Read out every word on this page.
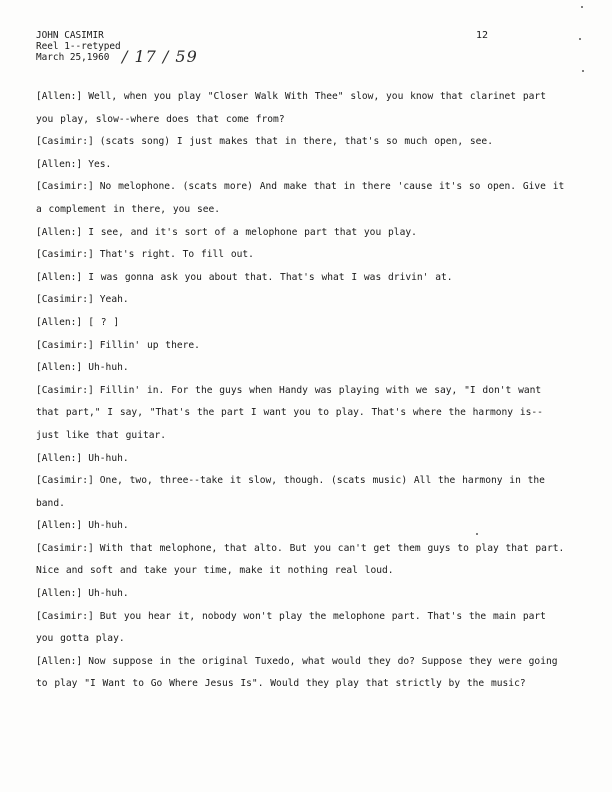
JOHN CASIMIR
Reel 1--retyped
March 25,1960 / 17 / 59
12
[Allen:] Well, when you play "Closer Walk With Thee" slow, you know that clarinet part you play, slow--where does that come from?
[Casimir:] (scats song) I just makes that in there, that's so much open, see.
[Allen:] Yes.
[Casimir:] No melophone. (scats more) And make that in there 'cause it's so open. Give it a complement in there, you see.
[Allen:] I see, and it's sort of a melophone part that you play.
[Casimir:] That's right. To fill out.
[Allen:] I was gonna ask you about that. That's what I was drivin' at.
[Casimir:] Yeah.
[Allen:] [ ? ]
[Casimir:] Fillin' up there.
[Allen:] Uh-huh.
[Casimir:] Fillin' in. For the guys when Handy was playing with we say, "I don't want that part," I say, "That's the part I want you to play. That's where the harmony is--just like that guitar.
[Allen:] Uh-huh.
[Casimir:] One, two, three--take it slow, though. (scats music) All the harmony in the band.
[Allen:] Uh-huh.
[Casimir:] With that melophone, that alto. But you can't get them guys to play that part. Nice and soft and take your time, make it nothing real loud.
[Allen:] Uh-huh.
[Casimir:] But you hear it, nobody won't play the melophone part. That's the main part you gotta play.
[Allen:] Now suppose in the original Tuxedo, what would they do? Suppose they were going to play "I Want to Go Where Jesus Is". Would they play that strictly by the music?
